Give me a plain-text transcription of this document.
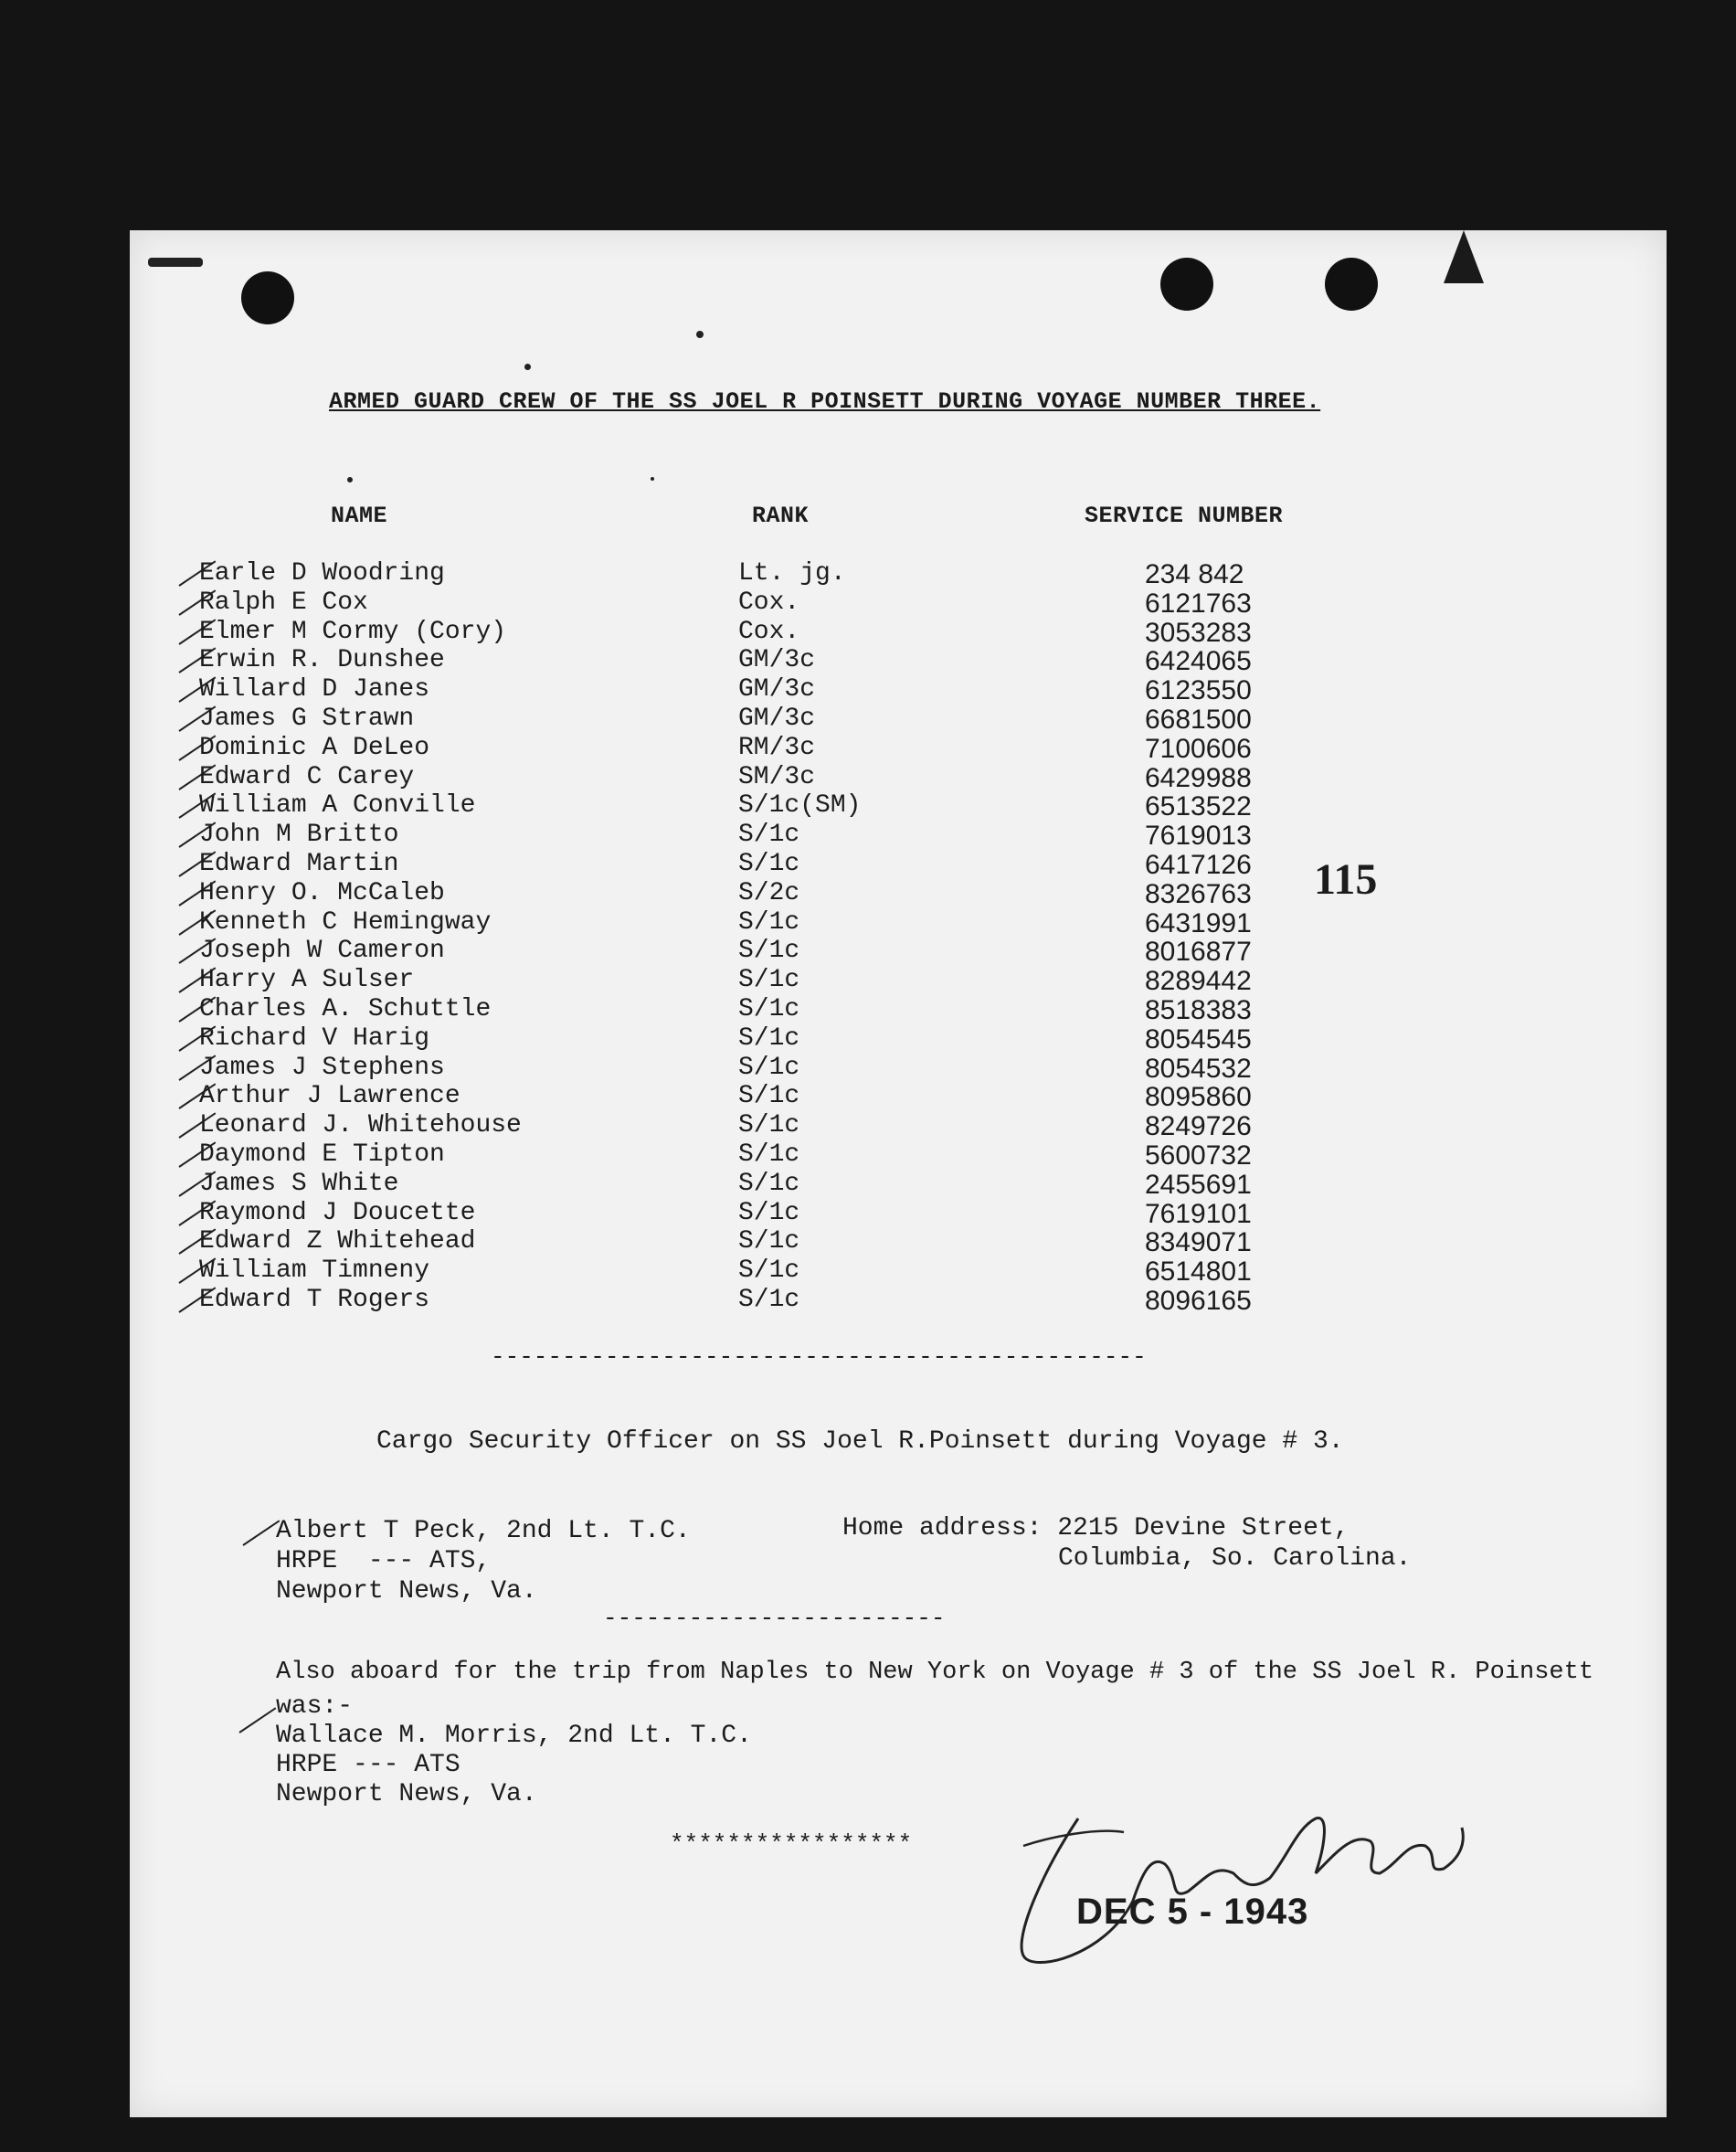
ARMED GUARD CREW OF THE SS JOEL R POINSETT DURING VOYAGE NUMBER THREE.
NAME	RANK	SERVICE NUMBER
Earle D Woodring	Lt. jg.	234 842
Ralph E Cox	Cox.	6121763
Elmer M Cormy (Cory)	Cox.	3053283
Erwin R. Dunshee	GM/3c	6424065
Willard D Janes	GM/3c	6123550
James G Strawn	GM/3c	6681500
Dominic A DeLeo	RM/3c	7100606
Edward C Carey	SM/3c	6429988
William A Conville	S/1c(SM)	6513522
John M Britto	S/1c	7619013
Edward Martin	S/1c	6417126
Henry O. McCaleb	S/2c	8326763
Kenneth C Hemingway	S/1c	6431991
Joseph W Cameron	S/1c	8016877
Harry A Sulser	S/1c	8289442
Charles A. Schuttle	S/1c	8518383
Richard V Harig	S/1c	8054545
James J Stephens	S/1c	8054532
Arthur J Lawrence	S/1c	8095860
Leonard J. Whitehouse	S/1c	8249726
Daymond E Tipton	S/1c	5600732
James S White	S/1c	2455691
Raymond J Doucette	S/1c	7619101
Edward Z Whitehead	S/1c	8349071
William Timneny	S/1c	6514801
Edward T Rogers	S/1c	8096165
115
----------------------------------------------
Cargo Security Officer on SS Joel R.Poinsett during Voyage # 3.
Albert T Peck, 2nd Lt. T.C.
HRPE  --- ATS,
Newport News, Va.
Home address: 2215 Devine Street,
Columbia, So. Carolina.
------------------------
Also aboard for the trip from Naples to New York on Voyage # 3 of the SS Joel R. Poinsett
was:-
Wallace M. Morris, 2nd Lt. T.C.
HRPE --- ATS
Newport News, Va.
*****************
DEC 5 - 1943
